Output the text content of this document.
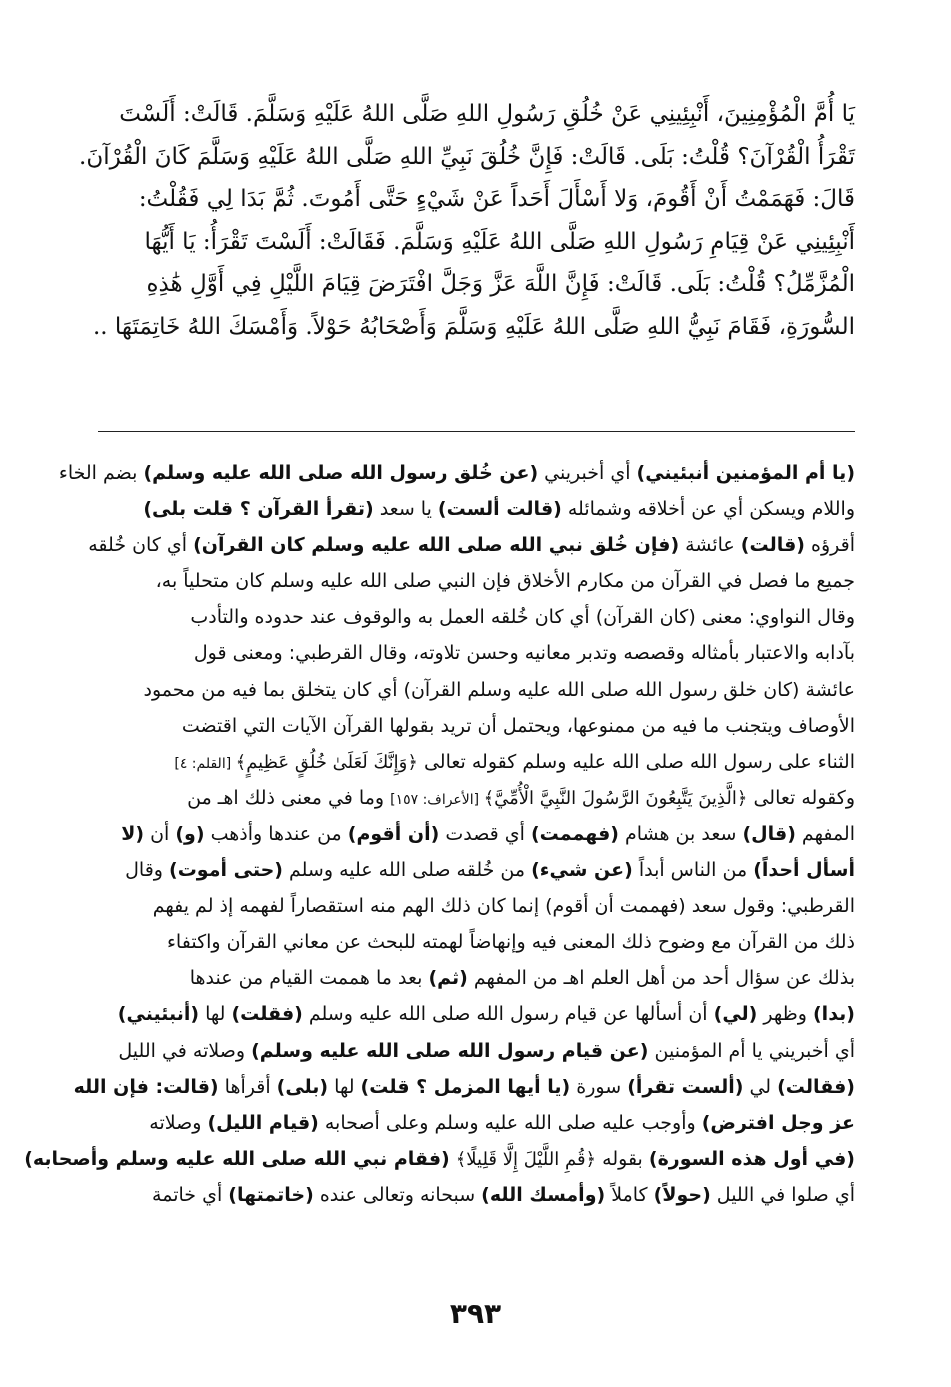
يَا أُمَّ الْمُؤْمِنِينَ، أَنْبِئِينِي عَنْ خُلُقِ رَسُولِ اللهِ صَلَّى اللهُ عَلَيْهِ وَسَلَّمَ. قَالَتْ: أَلَسْتَ
تَقْرَأُ الْقُرْآنَ؟ قُلْتُ: بَلَى. قَالَتْ: فَإِنَّ خُلُقَ نَبِيِّ اللهِ صَلَّى اللهُ عَلَيْهِ وَسَلَّمَ كَانَ الْقُرْآنَ.
قَالَ: فَهَمَمْتُ أَنْ أَقُومَ، وَلا أَسْأَلَ أَحَداً عَنْ شَيْءٍ حَتَّى أَمُوتَ. ثُمَّ بَدَا لِي فَقُلْتُ:
أَنْبِئِينِي عَنْ قِيَامِ رَسُولِ اللهِ صَلَّى اللهُ عَلَيْهِ وَسَلَّمَ. فَقَالَتْ: أَلَسْتَ تَقْرَأُ: يَا أَيُّهَا
الْمُزَّمِّلُ؟ قُلْتُ: بَلَى. قَالَتْ: فَإِنَّ اللَّهَ عَزَّ وَجَلَّ افْتَرَضَ قِيَامَ اللَّيْلِ فِي أَوَّلِ هَٰذِهِ
السُّورَةِ، فَقَامَ نَبِيُّ اللهِ صَلَّى اللهُ عَلَيْهِ وَسَلَّمَ وَأَصْحَابُهُ حَوْلاً. وَأَمْسَكَ اللهُ خَاتِمَتَهَا ..
(يا أم المؤمنين أنبئيني) أي أخبريني (عن خُلق رسول الله صلى الله عليه وسلم) بضم الخاء
واللام ويسكن أي عن أخلاقه وشمائله (قالت ألست) يا سعد (تقرأ القرآن ؟ قلت بلى)
أقرؤه (قالت) عائشة (فإن خُلق نبي الله صلى الله عليه وسلم كان القرآن) أي كان خُلقه
جميع ما فصل في القرآن من مكارم الأخلاق فإن النبي صلى الله عليه وسلم كان متحلياً به،
وقال النواوي: معنى (كان القرآن) أي كان خُلقه العمل به والوقوف عند حدوده والتأدب
بآدابه والاعتبار بأمثاله وقصصه وتدبر معانيه وحسن تلاوته، وقال القرطبي: ومعنى قول
عائشة (كان خلق رسول الله صلى الله عليه وسلم القرآن) أي كان يتخلق بما فيه من محمود
الأوصاف ويتجنب ما فيه من ممنوعها، ويحتمل أن تريد بقولها القرآن الآيات التي اقتضت
الثناء على رسول الله صلى الله عليه وسلم كقوله تعالى ﴿وَإِنَّكَ لَعَلَىٰ خُلُقٍ عَظِيمٍ﴾ [القلم: ٤]
وكقوله تعالى ﴿الَّذِينَ يَتَّبِعُونَ الرَّسُولَ النَّبِيَّ الْأُمِّيَّ﴾ [الأعراف: ١٥٧] وما في معنى ذلك اهـ من
المفهم (قال) سعد بن هشام (فهممت) أي قصدت (أن أقوم) من عندها وأذهب (و) أن (لا
أسأل أحداً) من الناس أبداً (عن شيء) من خُلقه صلى الله عليه وسلم (حتى أموت) وقال
القرطبي: وقول سعد (فهممت أن أقوم) إنما كان ذلك الهم منه استقصاراً لفهمه إذ لم يفهم
ذلك من القرآن مع وضوح ذلك المعنى فيه وإنهاضاً لهمته للبحث عن معاني القرآن واكتفاء
بذلك عن سؤال أحد من أهل العلم اهـ من المفهم (ثم) بعد ما هممت القيام من عندها
(بدا) وظهر (لي) أن أسألها عن قيام رسول الله صلى الله عليه وسلم (فقلت) لها (أنبئيني)
أي أخبريني يا أم المؤمنين (عن قيام رسول الله صلى الله عليه وسلم) وصلاته في الليل
(فقالت) لي (ألست تقرأ) سورة (يا أيها المزمل ؟ قلت) لها (بلى) أقرأها (قالت: فإن الله
عز وجل افترض) وأوجب عليه صلى الله عليه وسلم وعلى أصحابه (قيام الليل) وصلاته
(في أول هذه السورة) بقوله ﴿قُمِ اللَّيْلَ إِلَّا قَلِيلًا﴾ (فقام نبي الله صلى الله عليه وسلم وأصحابه)
أي صلوا في الليل (حولاً) كاملاً (وأمسك الله) سبحانه وتعالى عنده (خاتمتها) أي خاتمة
٣٩٣
